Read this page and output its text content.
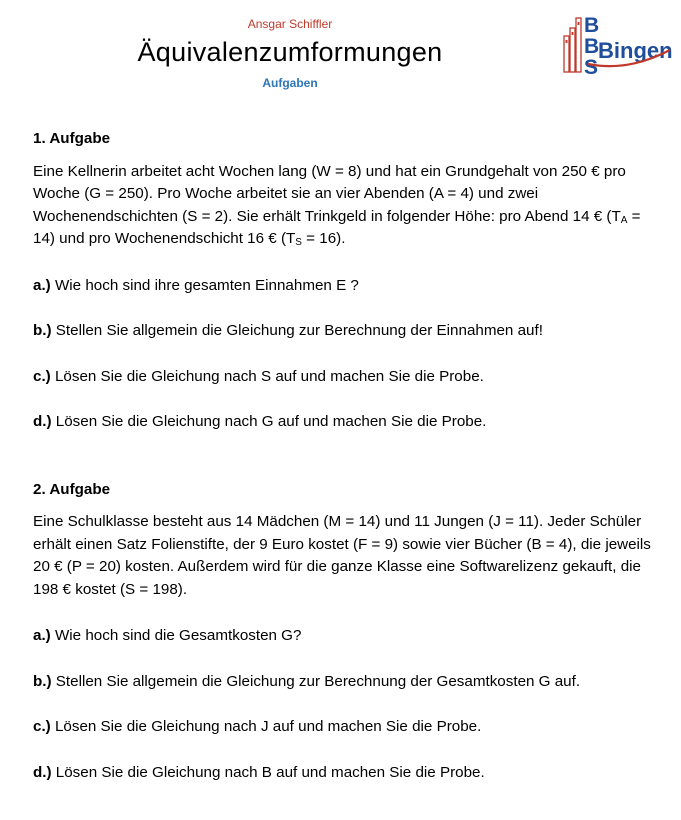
Ansgar Schiffler
Äquivalenzumformungen
Aufgaben
B
B
S
Bingen
1. Aufgabe
Eine Kellnerin arbeitet acht Wochen lang (W = 8) und hat ein Grundgehalt von 250 € pro Woche (G = 250). Pro Woche arbeitet sie an vier Abenden (A = 4) und zwei Wochenendschichten (S = 2). Sie erhält Trinkgeld in folgender Höhe: pro Abend 14 € $(T_A = 14)$ und pro Wochenendschicht 16 € $(T_S = 16)$.
a.) Wie hoch sind ihre gesamten Einnahmen E ?
b.) Stellen Sie allgemein die Gleichung zur Berechnung der Einnahmen auf!
c.) Lösen Sie die Gleichung nach S auf und machen Sie die Probe.
d.) Lösen Sie die Gleichung nach G auf und machen Sie die Probe.
2. Aufgabe
Eine Schulklasse besteht aus 14 Mädchen (M = 14) und 11 Jungen (J = 11). Jeder Schüler erhält einen Satz Folienstifte, der 9 Euro kostet (F = 9) sowie vier Bücher (B = 4), die jeweils 20 € (P = 20) kosten. Außerdem wird für die ganze Klasse eine Softwarelizenz gekauft, die 198 € kostet (S = 198).
a.) Wie hoch sind die Gesamtkosten G?
b.) Stellen Sie allgemein die Gleichung zur Berechnung der Gesamtkosten G auf.
c.) Lösen Sie die Gleichung nach J auf und machen Sie die Probe.
d.) Lösen Sie die Gleichung nach B auf und machen Sie die Probe.
